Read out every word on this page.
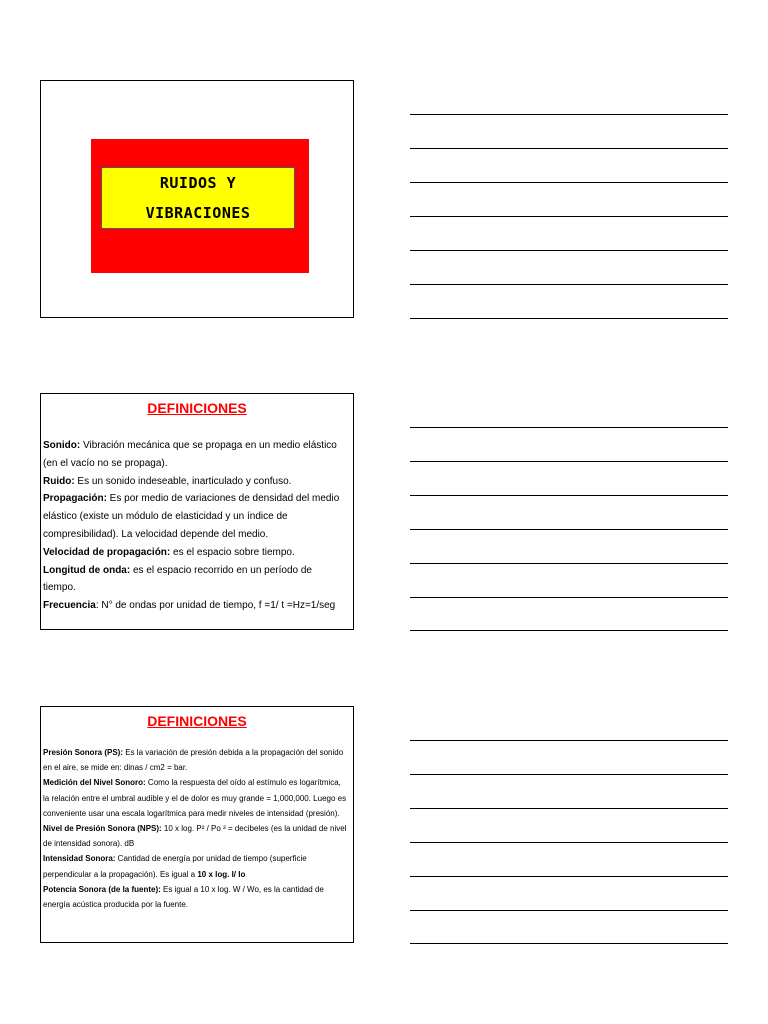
RUIDOS Y
VIBRACIONES
DEFINICIONES

Sonido: Vibración mecánica que se propaga en un medio elástico (en el vacío no se propaga).

Ruido: Es un sonido indeseable, inarticulado y confuso.

Propagación: Es por medio de variaciones de densidad del medio elástico (existe un módulo de elasticidad y un índice de compresibilidad). La velocidad depende del medio.

Velocidad de propagación: es el espacio sobre tiempo.

Longitud de onda: es el espacio recorrido en un período de tiempo.

Frecuencia: N° de ondas por unidad de tiempo, f =1/ t =Hz=1/seg

DEFINICIONES

Presión Sonora (PS): Es la variación de presión debida a la propagación del sonido en el aire, se mide en: dinas / cm2 = bar.

Medición del Nivel Sonoro: Como la respuesta del oído al estímulo es logarítmica, la relación entre el umbral audible y el de dolor es muy grande = 1,000,000. Luego es conveniente usar una escala logarítmica para medir niveles de intensidad (presión).

Nivel de Presión Sonora (NPS): 10 x log. P² / Po ² = decibeles (es la unidad de nivel de intensidad sonora). dB

Intensidad Sonora: Cantidad de energía por unidad de tiempo (superficie perpendicular a la propagación). Es igual a 10 x log. I/ Io

Potencia Sonora (de la fuente): Es igual a 10 x log. W / Wo, es la cantidad de energía acústica producida por la fuente.
